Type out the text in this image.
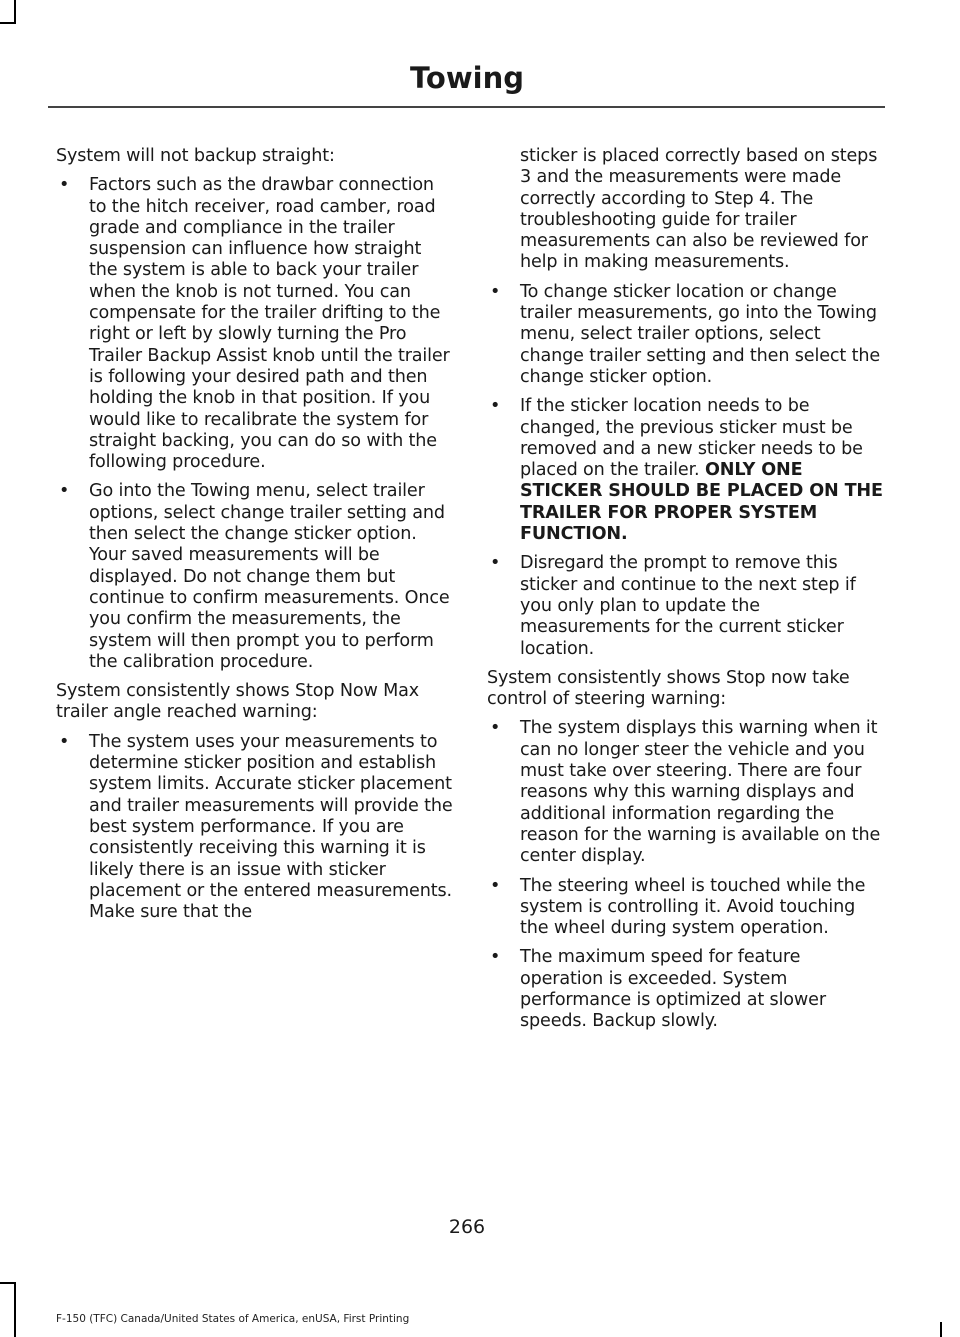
Towing

System will not backup straight:

• Factors such as the drawbar connection to the hitch receiver, road camber, road grade and compliance in the trailer suspension can influence how straight the system is able to back your trailer when the knob is not turned. You can compensate for the trailer drifting to the right or left by slowly turning the Pro Trailer Backup Assist knob until the trailer is following your desired path and then holding the knob in that position. If you would like to recalibrate the system for straight backing, you can do so with the following procedure.
• Go into the Towing menu, select trailer options, select change trailer setting and then select the change sticker option. Your saved measurements will be displayed. Do not change them but continue to confirm measurements. Once you confirm the measurements, the system will then prompt you to perform the calibration procedure.

System consistently shows Stop Now Max trailer angle reached warning:

• The system uses your measurements to determine sticker position and establish system limits. Accurate sticker placement and trailer measurements will provide the best system performance. If you are consistently receiving this warning it is likely there is an issue with sticker placement or the entered measurements. Make sure that the
sticker is placed correctly based on steps 3 and the measurements were made correctly according to Step 4. The troubleshooting guide for trailer measurements can also be reviewed for help in making measurements.
• To change sticker location or change trailer measurements, go into the Towing menu, select trailer options, select change trailer setting and then select the change sticker option.
• If the sticker location needs to be changed, the previous sticker must be removed and a new sticker needs to be placed on the trailer. ONLY ONE STICKER SHOULD BE PLACED ON THE TRAILER FOR PROPER SYSTEM FUNCTION.
• Disregard the prompt to remove this sticker and continue to the next step if you only plan to update the measurements for the current sticker location.

System consistently shows Stop now take control of steering warning:

• The system displays this warning when it can no longer steer the vehicle and you must take over steering. There are four reasons why this warning displays and additional information regarding the reason for the warning is available on the center display.
• The steering wheel is touched while the system is controlling it. Avoid touching the wheel during system operation.
• The maximum speed for feature operation is exceeded. System performance is optimized at slower speeds. Backup slowly.
266
F-150 (TFC) Canada/United States of America, enUSA, First Printing
